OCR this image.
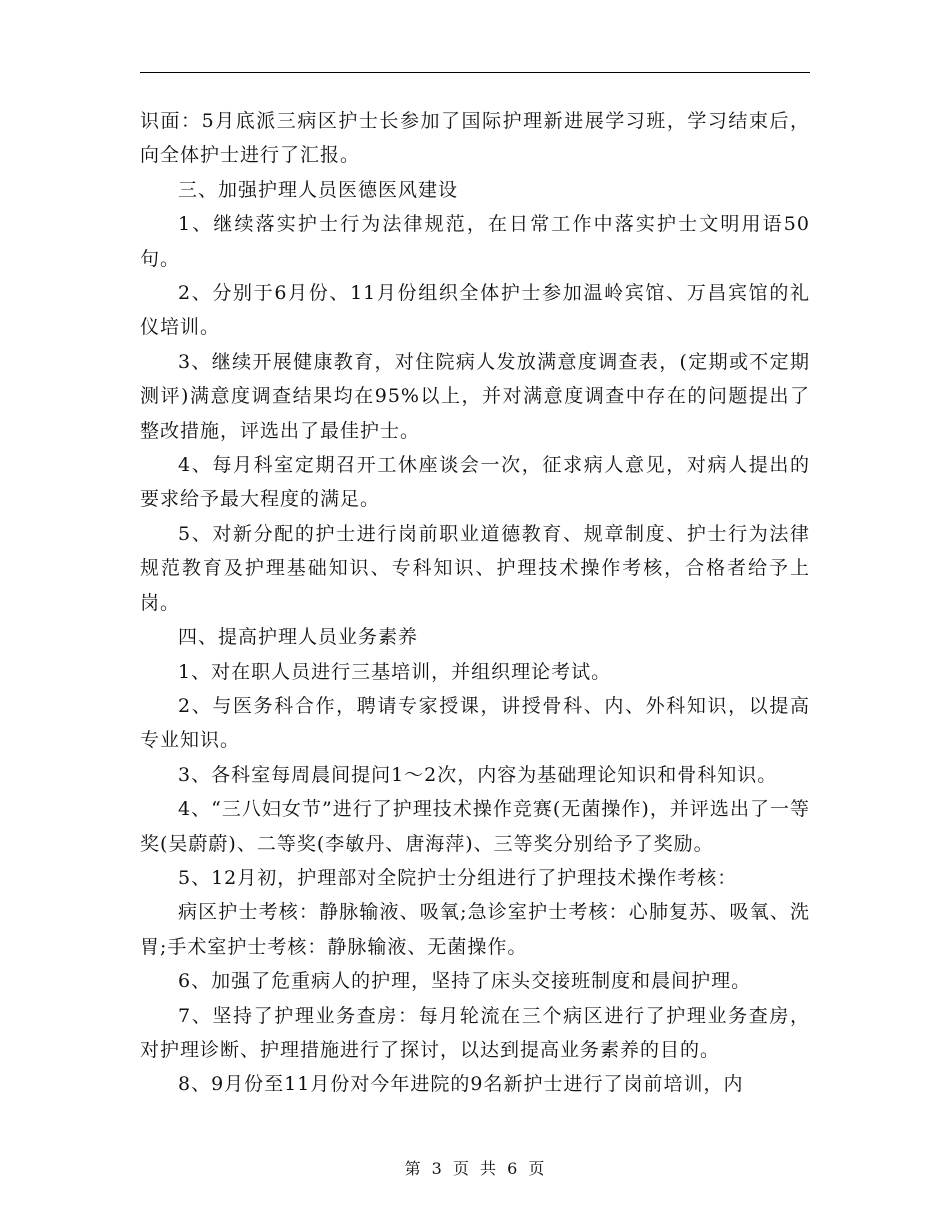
识面：5月底派三病区护士长参加了国际护理新进展学习班，学习结束后，向全体护士进行了汇报。

三、加强护理人员医德医风建设

1、继续落实护士行为法律规范，在日常工作中落实护士文明用语50句。

2、分别于6月份、11月份组织全体护士参加温岭宾馆、万昌宾馆的礼仪培训。

3、继续开展健康教育，对住院病人发放满意度调查表，(定期或不定期测评)满意度调查结果均在95%以上，并对满意度调查中存在的问题提出了整改措施，评选出了最佳护士。

4、每月科室定期召开工休座谈会一次，征求病人意见，对病人提出的要求给予最大程度的满足。

5、对新分配的护士进行岗前职业道德教育、规章制度、护士行为法律规范教育及护理基础知识、专科知识、护理技术操作考核，合格者给予上岗。

四、提高护理人员业务素养

1、对在职人员进行三基培训，并组织理论考试。

2、与医务科合作，聘请专家授课，讲授骨科、内、外科知识，以提高专业知识。

3、各科室每周晨间提问1～2次，内容为基础理论知识和骨科知识。

4、“三八妇女节”进行了护理技术操作竞赛(无菌操作)，并评选出了一等奖(吴蔚蔚)、二等奖(李敏丹、唐海萍)、三等奖分别给予了奖励。

5、12月初，护理部对全院护士分组进行了护理技术操作考核：

病区护士考核：静脉输液、吸氧;急诊室护士考核：心肺复苏、吸氧、洗胃;手术室护士考核：静脉输液、无菌操作。

6、加强了危重病人的护理，坚持了床头交接班制度和晨间护理。

7、坚持了护理业务查房：每月轮流在三个病区进行了护理业务查房，对护理诊断、护理措施进行了探讨，以达到提高业务素养的目的。

8、9月份至11月份对今年进院的9名新护士进行了岗前培训，内

第 3 页 共 6 页
